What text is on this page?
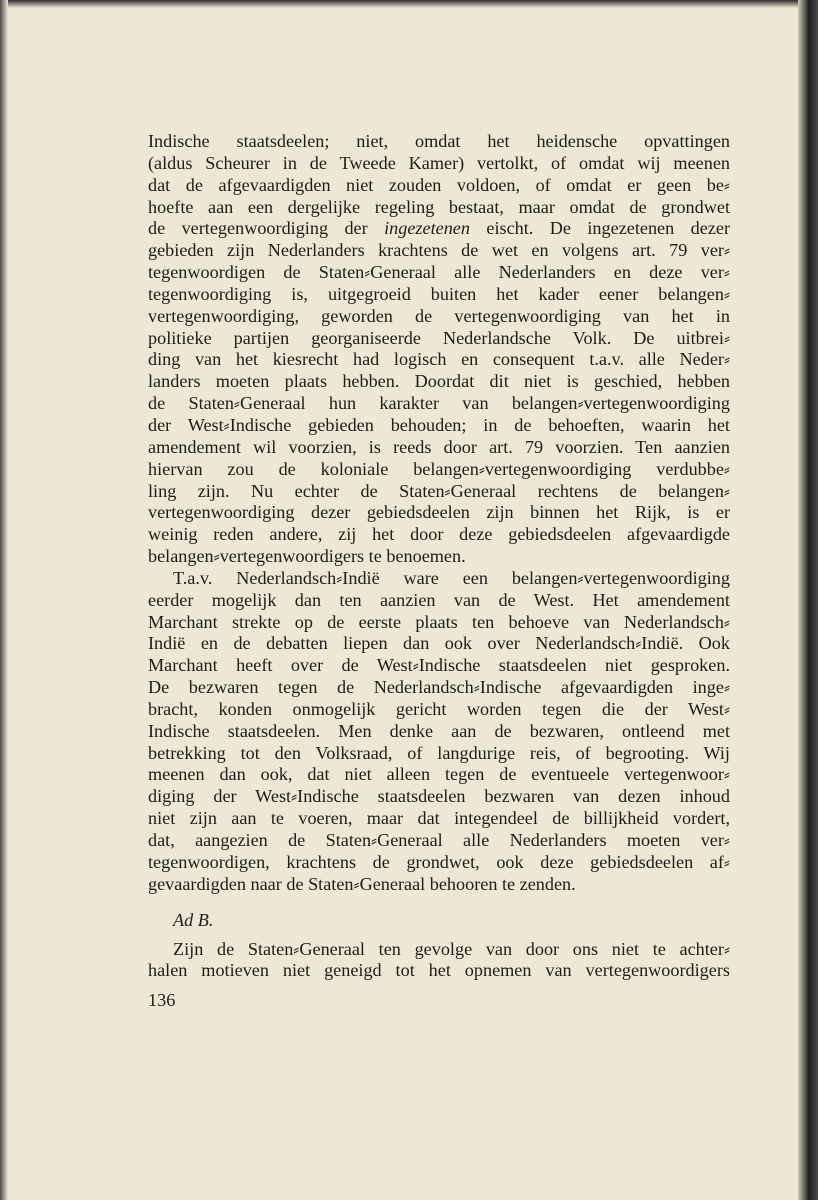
Indische staatsdeelen; niet, omdat het heidensche opvattingen
(aldus Scheurer in de Tweede Kamer) vertolkt, of omdat wij meenen
dat de afgevaardigden niet zouden voldoen, of omdat er geen be⸗
hoefte aan een dergelijke regeling bestaat, maar omdat de grondwet
de vertegenwoordiging der ingezetenen eischt. De ingezetenen dezer
gebieden zijn Nederlanders krachtens de wet en volgens art. 79 ver⸗
tegenwoordigen de Staten⸗Generaal alle Nederlanders en deze ver⸗
tegenwoordiging is, uitgegroeid buiten het kader eener belangen⸗
vertegenwoordiging, geworden de vertegenwoordiging van het in
politieke partijen georganiseerde Nederlandsche Volk. De uitbrei⸗
ding van het kiesrecht had logisch en consequent t.a.v. alle Neder⸗
landers moeten plaats hebben. Doordat dit niet is geschied, hebben
de Staten⸗Generaal hun karakter van belangen⸗vertegenwoordiging
der West⸗Indische gebieden behouden; in de behoeften, waarin het
amendement wil voorzien, is reeds door art. 79 voorzien. Ten aanzien
hiervan zou de koloniale belangen⸗vertegenwoordiging verdubbe⸗
ling zijn. Nu echter de Staten⸗Generaal rechtens de belangen⸗
vertegenwoordiging dezer gebiedsdeelen zijn binnen het Rijk, is er
weinig reden andere, zij het door deze gebiedsdeelen afgevaardigde
belangen⸗vertegenwoordigers te benoemen.
T.a.v. Nederlandsch⸗Indië ware een belangen⸗vertegenwoordiging
eerder mogelijk dan ten aanzien van de West. Het amendement
Marchant strekte op de eerste plaats ten behoeve van Nederlandsch⸗
Indië en de debatten liepen dan ook over Nederlandsch⸗Indië. Ook
Marchant heeft over de West⸗Indische staatsdeelen niet gesproken.
De bezwaren tegen de Nederlandsch⸗Indische afgevaardigden inge⸗
bracht, konden onmogelijk gericht worden tegen die der West⸗
Indische staatsdeelen. Men denke aan de bezwaren, ontleend met
betrekking tot den Volksraad, of langdurige reis, of begrooting. Wij
meenen dan ook, dat niet alleen tegen de eventueele vertegenwoor⸗
diging der West⸗Indische staatsdeelen bezwaren van dezen inhoud
niet zijn aan te voeren, maar dat integendeel de billijkheid vordert,
dat, aangezien de Staten⸗Generaal alle Nederlanders moeten ver⸗
tegenwoordigen, krachtens de grondwet, ook deze gebiedsdeelen af⸗
gevaardigden naar de Staten⸗Generaal behooren te zenden.
Ad B.
Zijn de Staten⸗Generaal ten gevolge van door ons niet te achter⸗
halen motieven niet geneigd tot het opnemen van vertegenwoordigers
136
